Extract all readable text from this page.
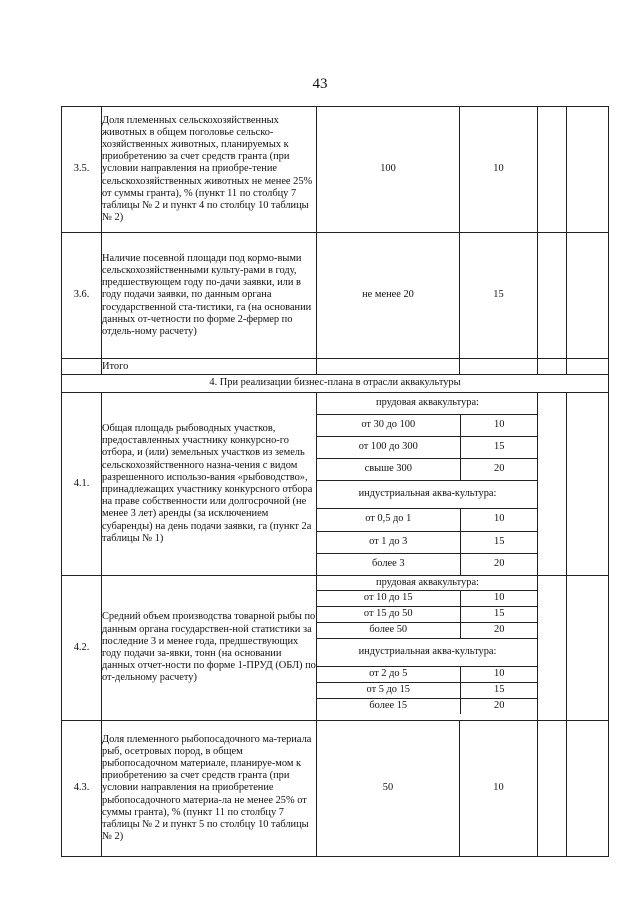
43
3.5.	Доля племенных сельскохозяйственных животных в общем поголовье сельско-хозяйственных животных, планируемых к приобретению за счет средств гранта (при условии направления на приобре-тение сельскохозяйственных животных не менее 25% от суммы гранта), % (пункт 11 по столбцу 7 таблицы № 2 и пункт 4 по столбцу 10 таблицы № 2)	100	10		
3.6.	Наличие посевной площади под кормо-выми сельскохозяйственными культу-рами в году, предшествующем году по-дачи заявки, или в году подачи заявки, по данным органа государственной ста-тистики, га (на основании данных от-четности по форме 2-фермер по отдель-ному расчету)	не менее 20	15		
	Итого				
4. При реализации бизнес-плана в отрасли аквакультуры
4.1.	Общая площадь рыбоводных участков, предоставленных участнику конкурсно-го отбора, и (или) земельных участков из земель сельскохозяйственного назна-чения с видом разрешенного использо-вания «рыбоводство», принадлежащих участнику конкурсного отбора на праве собственности или долгосрочной (не менее 3 лет) аренды (за исключением субаренды) на день подачи заявки, га (пункт 2а таблицы № 1)	
прудовая аквакультура:
от 30 до 100	10
от 100 до 300	15
свыше 300	20
индустриальная аква-культура:
от 0,5 до 1	10
от 1 до 3	15
более 3	20

4.2.	Средний объем производства товарной рыбы по данным органа государствен-ной статистики за последние 3 и менее года, предшествующих году подачи за-явки, тонн (на основании данных отчет-ности по форме 1-ПРУД (ОБЛ) по от-дельному расчету)	
прудовая аквакультура:
от 10 до 15	10
от 15 до 50	15
более 50	20
индустриальная аква-культура:
от 2 до 5	10
от 5 до 15	15
более 15	20

4.3.	Доля племенного рыбопосадочного ма-териала рыб, осетровых пород, в общем рыбопосадочном материале, планируе-мом к приобретению за счет средств гранта (при условии направления на приобретение рыбопосадочного материа-ла не менее 25% от суммы гранта), % (пункт 11 по столбцу 7 таблицы № 2 и пункт 5 по столбцу 10 таблицы № 2)	50	10		
